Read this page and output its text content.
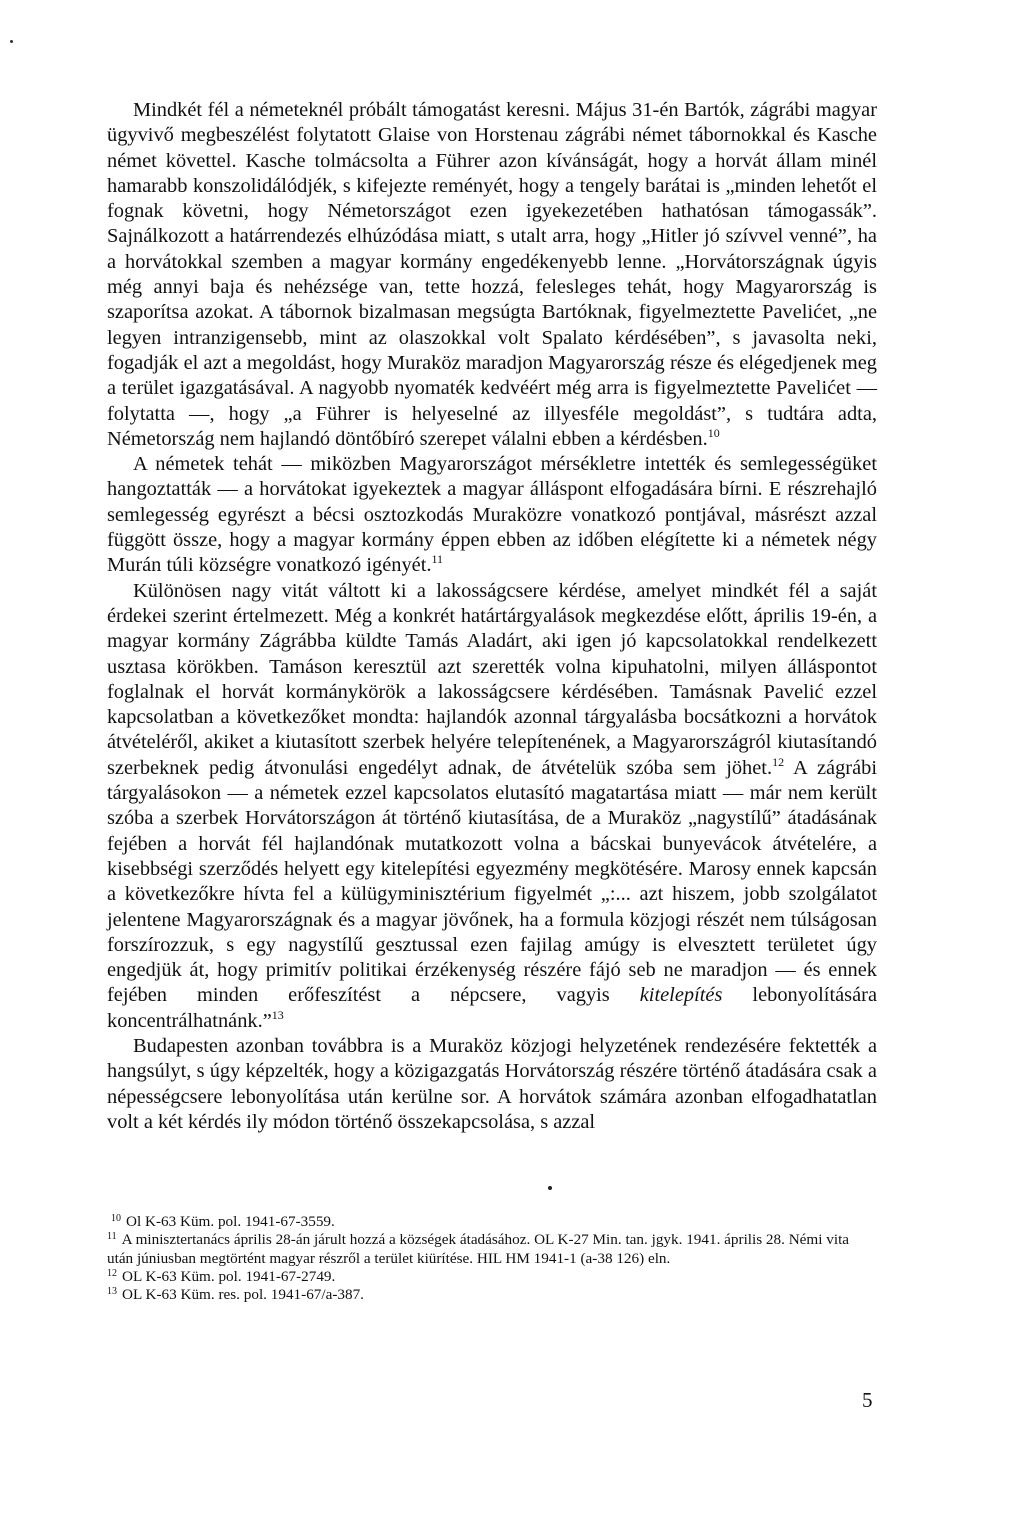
Mindkét fél a németeknél próbált támogatást keresni. Május 31-én Bartók, zágrábi magyar ügyvivő megbeszélést folytatott Glaise von Horstenau zágrábi német tábornokkal és Kasche német követtel. Kasche tolmácsolta a Führer azon kívánságát, hogy a horvát állam minél hamarabb konszolidálódjék, s kifejezte reményét, hogy a tengely barátai is „minden lehetőt el fognak követni, hogy Németországot ezen igyekezetében hathatósan támogassák”. Sajnálkozott a határrendezés elhúzódása miatt, s utalt arra, hogy „Hitler jó szívvel venné”, ha a horvátokkal szemben a magyar kormány engedékenyebb lenne. „Horvátországnak úgyis még annyi baja és nehézsége van, tette hozzá, felesleges tehát, hogy Magyarország is szaporítsa azokat. A tábornok bizalmasan megsúgta Bartóknak, figyelmeztette Pavelićet, „ne legyen intranzigensebb, mint az olaszokkal volt Spalato kérdésében”, s javasolta neki, fogadják el azt a megoldást, hogy Muraköz maradjon Magyarország része és elégedjenek meg a terület igazgatásával. A nagyobb nyomaték kedvéért még arra is figyelmeztette Pavelićet — folytatta —, hogy „a Führer is helyeselné az illyesféle megoldást”, s tudtára adta, Németország nem hajlandó döntőbíró szerepet válalni ebben a kérdésben.$^{10}$

A németek tehát — miközben Magyarországot mérsékletre intették és semlegességüket hangoztatták — a horvátokat igyekeztek a magyar álláspont elfogadására bírni. E részrehajló semlegesség egyrészt a bécsi osztozkodás Muraközre vonatkozó pontjával, másrészt azzal függött össze, hogy a magyar kormány éppen ebben az időben elégítette ki a németek négy Murán túli községre vonatkozó igényét.$^{11}$

Különösen nagy vitát váltott ki a lakosságcsere kérdése, amelyet mindkét fél a saját érdekei szerint értelmezett. Még a konkrét határtárgyalások megkezdése előtt, április 19-én, a magyar kormány Zágrábba küldte Tamás Aladárt, aki igen jó kapcsolatokkal rendelkezett usztasa körökben. Tamáson keresztül azt szerették volna kipuhatolni, milyen álláspontot foglalnak el horvát kormánykörök a lakosságcsere kérdésében. Tamásnak Pavelić ezzel kapcsolatban a következőket mondta: hajlandók azonnal tárgyalásba bocsátkozni a horvátok átvételéről, akiket a kiutasított szerbek helyére telepítenének, a Magyarországról kiutasítandó szerbeknek pedig átvonulási engedélyt adnak, de átvételük szóba sem jöhet.$^{12}$ A zágrábi tárgyalásokon — a németek ezzel kapcsolatos elutasító magatartása miatt — már nem került szóba a szerbek Horvátországon át történő kiutasítása, de a Muraköz „nagystílű” átadásának fejében a horvát fél hajlandónak mutatkozott volna a bácskai bunyevácok átvételére, a kisebbségi szerződés helyett egy kitelepítési egyezmény megkötésére. Marosy ennek kapcsán a következőkre hívta fel a külügyminisztérium figyelmét „:... azt hiszem, jobb szolgálatot jelentene Magyarországnak és a magyar jövőnek, ha a formula közjogi részét nem túlságosan forszírozzuk, s egy nagystílű gesztussal ezen fajilag amúgy is elvesztett területet úgy engedjük át, hogy primitív politikai érzékenység részére fájó seb ne maradjon — és ennek fejében minden erőfeszítést a népcsere, vagyis kitelepítés lebonyolítására koncentrálhatnánk.”$^{13}$

Budapesten azonban továbbra is a Muraköz közjogi helyzetének rendezésére fektették a hangsúlyt, s úgy képzelték, hogy a közigazgatás Horvátország részére történő átadására csak a népességcsere lebonyolítása után kerülne sor. A horvátok számára azonban elfogadhatatlan volt a két kérdés ily módon történő összekapcsolása, s azzal

$^{10}$ Ol K-63 Küm. pol. 1941-67-3559.

$^{11}$ A minisztertanács április 28-án járult hozzá a községek átadásához. OL K-27 Min. tan. jgyk. 1941. április 28. Némi vita után júniusban megtörtént magyar részről a terület kiürítése. HIL HM 1941-1 (a-38 126) eln.

$^{12}$ OL K-63 Küm. pol. 1941-67-2749.

$^{13}$ OL K-63 Küm. res. pol. 1941-67/a-387.

5
